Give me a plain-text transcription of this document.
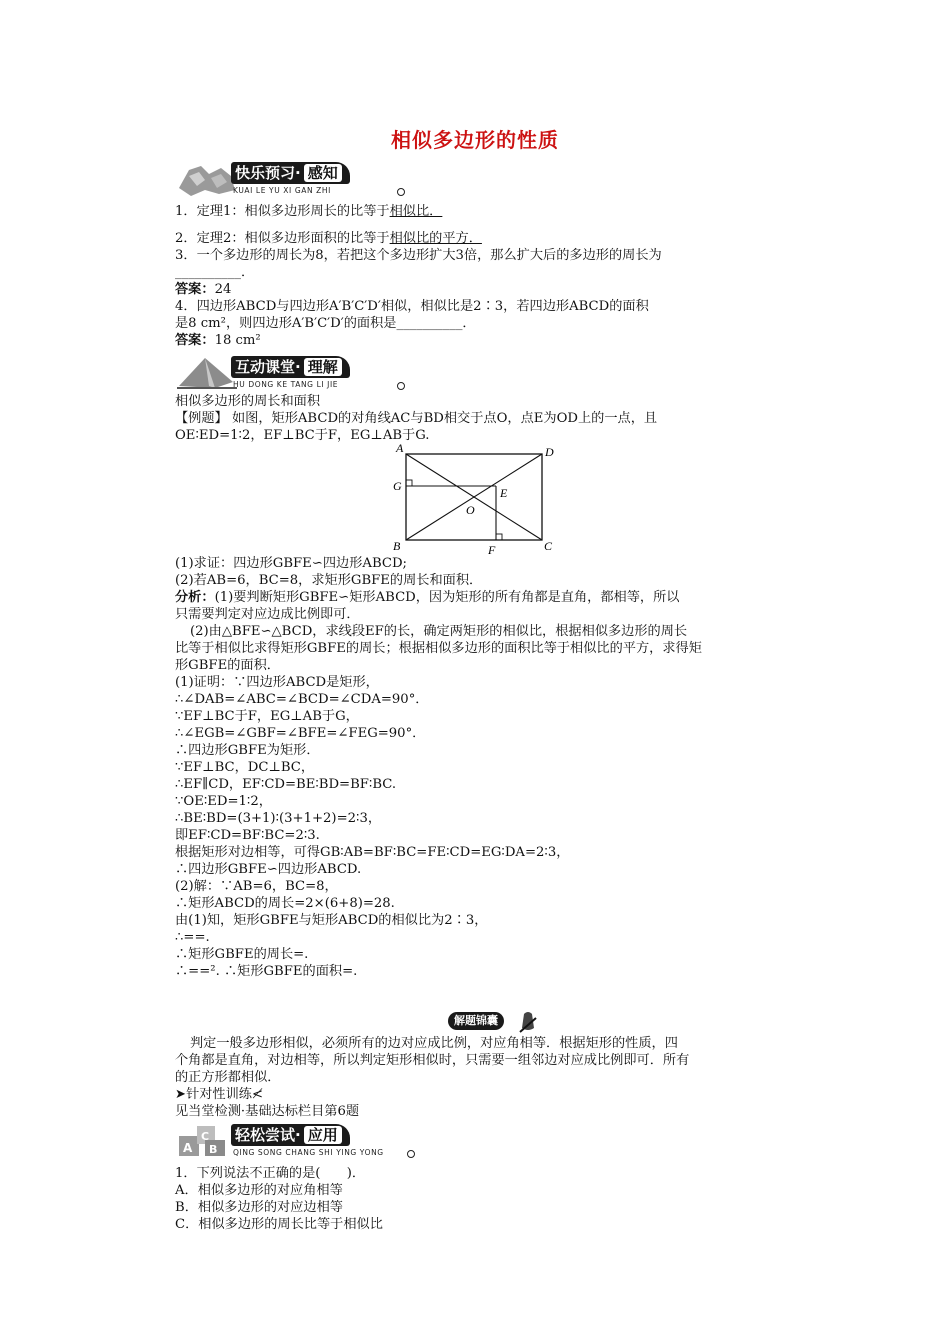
相似多边形的性质
快乐预习· 感知
KUAI LE YU XI GAN ZHI
1．定理1：相似多边形周长的比等于相似比．
2．定理2：相似多边形面积的比等于相似比的平方．
3．一个多边形的周长为8，若把这个多边形扩大3倍，那么扩大后的多边形的周长为
__________．
答案：24
4．四边形ABCD与四边形A′B′C′D′相似，相似比是2∶3，若四边形ABCD的面积
是8 cm²，则四边形A′B′C′D′的面积是__________．
答案：18 cm²
互动课堂· 理解
HU DONG KE TANG LI JIE
相似多边形的周长和面积
【例题】 如图，矩形ABCD的对角线AC与BD相交于点O，点E为OD上的一点，且
OE∶ED=1∶2，EF⊥BC于F，EG⊥AB于G.
A	D
B	C
G	E
O
F
(1)求证：四边形GBFE∽四边形ABCD;
(2)若AB=6，BC=8，求矩形GBFE的周长和面积．
分析：(1)要判断矩形GBFE∽矩形ABCD，因为矩形的所有角都是直角，都相等，所以
只需要判定对应边成比例即可．
(2)由△BFE∽△BCD，求线段EF的长，确定两矩形的相似比，根据相似多边形的周长
比等于相似比求得矩形GBFE的周长；根据相似多边形的面积比等于相似比的平方，求得矩
形GBFE的面积．
(1)证明：∵四边形ABCD是矩形，
∴∠DAB=∠ABC=∠BCD=∠CDA=90°．
∵EF⊥BC于F，EG⊥AB于G，
∴∠EGB=∠GBF=∠BFE=∠FEG=90°．
∴四边形GBFE为矩形．
∵EF⊥BC，DC⊥BC，
∴EF∥CD，EF∶CD=BE∶BD=BF∶BC.
∵OE∶ED=1∶2，
∴BE∶BD=(3+1)∶(3+1+2)=2∶3，
即EF∶CD=BF∶BC=2∶3.
根据矩形对边相等，可得GB∶AB=BF∶BC=FE∶CD=EG∶DA=2∶3，
∴四边形GBFE∽四边形ABCD.
(2)解：∵AB=6，BC=8，
∴矩形ABCD的周长=2×(6+8)=28.
由(1)知，矩形GBFE与矩形ABCD的相似比为2∶3，
∴==.
∴矩形GBFE的周长=.
∴==². ∴矩形GBFE的面积=.
解题锦囊
判定一般多边形相似，必须所有的边对应成比例，对应角相等．根据矩形的性质，四
个角都是直角，对边相等，所以判定矩形相似时，只需要一组邻边对应成比例即可．所有
的正方形都相似．
➤针对性训练≮
见当堂检测·基础达标栏目第6题
A
C
B
轻松尝试· 应用
QING SONG CHANG SHI YING YONG
1．下列说法不正确的是(　　)．
A．相似多边形的对应角相等
B．相似多边形的对应边相等
C．相似多边形的周长比等于相似比
